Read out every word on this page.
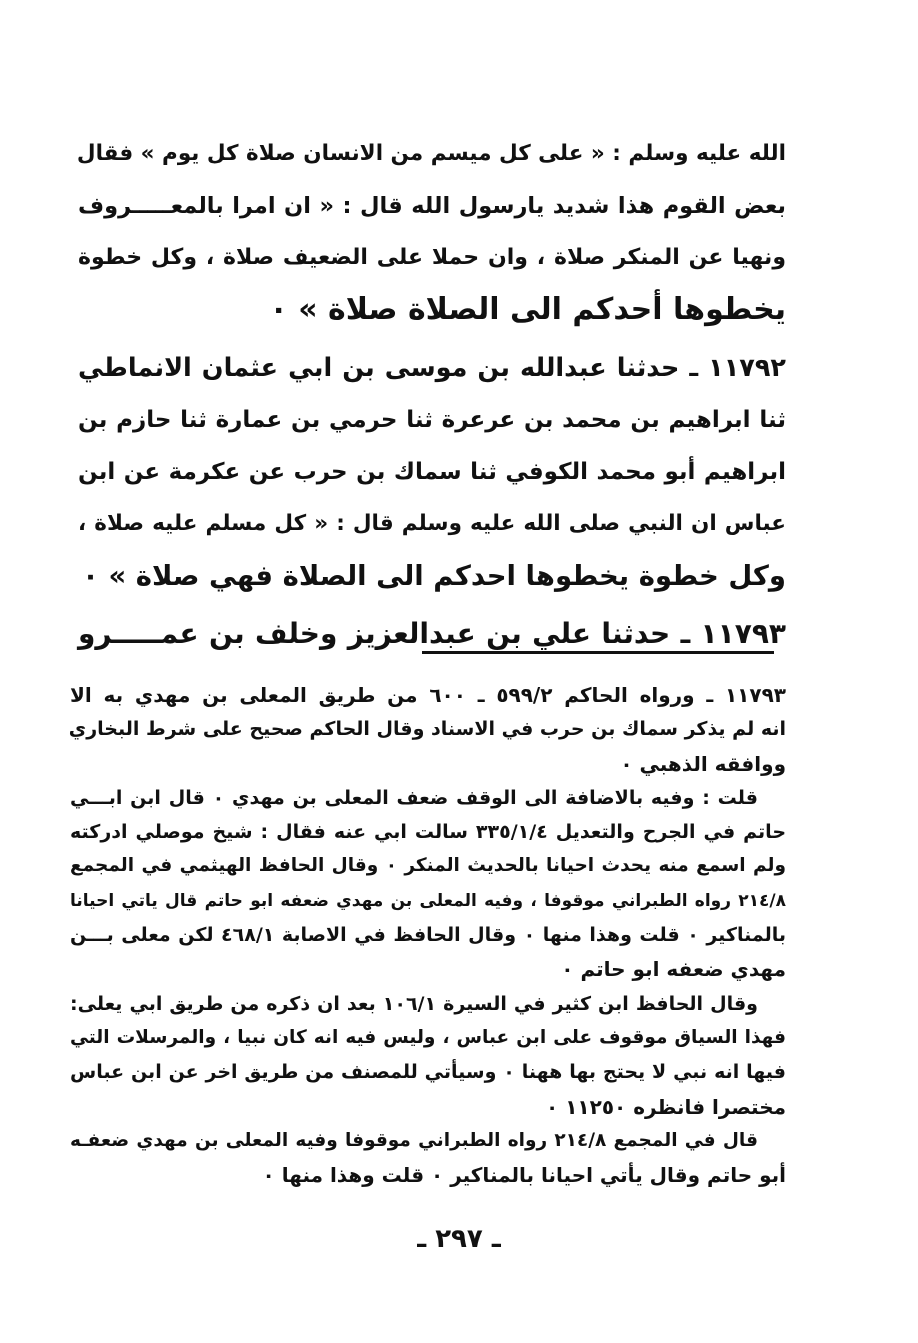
الله عليه وسلم : « على كل ميسم من الانسان صلاة كل يوم » فقال
بعض القوم هذا شديد يارسول الله قال : « ان امرا بالمعـــــروف
ونهيا عن المنكر صلاة ، وان حملا على الضعيف صلاة ، وكل خطوة
يخطوها أحدكم الى الصلاة صلاة » ٠
١١٧٩٢ ـ حدثنا عبدالله بن موسى بن ابي عثمان الانماطي
ثنا ابراهيم بن محمد بن عرعرة ثنا حرمي بن عمارة ثنا حازم بن
ابراهيم أبو محمد الكوفي ثنا سماك بن حرب عن عكرمة عن ابن
عباس ان النبي صلى الله عليه وسلم قال : « كل مسلم عليه صلاة ،
وكل خطوة يخطوها احدكم الى الصلاة فهي صلاة » ٠
١١٧٩٣ ـ حدثنا علي بن عبدالعزيز وخلف بن عمـــــرو
١١٧٩٣ ـ ورواه الحاكم ٥٩٩/٢ ـ ٦٠٠ من طريق المعلى بن مهدي به الا
انه لم يذكر سماك بن حرب في الاسناد وقال الحاكم صحيح على شرط البخاري
ووافقه الذهبي ٠
قلت : وفيه بالاضافة الى الوقف ضعف المعلى بن مهدي ٠ قال ابن ابـــي
حاتم في الجرح والتعديل ٣٣٥/١/٤ سالت ابي عنه فقال : شيخ موصلي ادركته
ولم اسمع منه يحدث احيانا بالحديث المنكر ٠ وقال الحافظ الهيثمي في المجمع
٢١٤/٨ رواه الطبراني موقوفا ، وفيه المعلى بن مهدي ضعفه ابو حاتم قال ياتي احيانا
بالمناكير ٠ قلت وهذا منها ٠ وقال الحافظ في الاصابة ٤٦٨/١ لكن معلى بـــن
مهدي ضعفه ابو حاتم ٠
وقال الحافظ ابن كثير في السيرة ١٠٦/١ بعد ان ذكره من طريق ابي يعلى:
فهذا السياق موقوف على ابن عباس ، وليس فيه انه كان نبيا ، والمرسلات التي
فيها انه نبي لا يحتج بها ههنا ٠ وسيأتي للمصنف من طريق اخر عن ابن عباس
مختصرا فانظره ١١٢٥٠ ٠
قال في المجمع ٢١٤/٨ رواه الطبراني موقوفا وفيه المعلى بن مهدي ضعفـه
أبو حاتم وقال يأتي احيانا بالمناكير ٠ قلت وهذا منها ٠
ـ ٢٩٧ ـ
